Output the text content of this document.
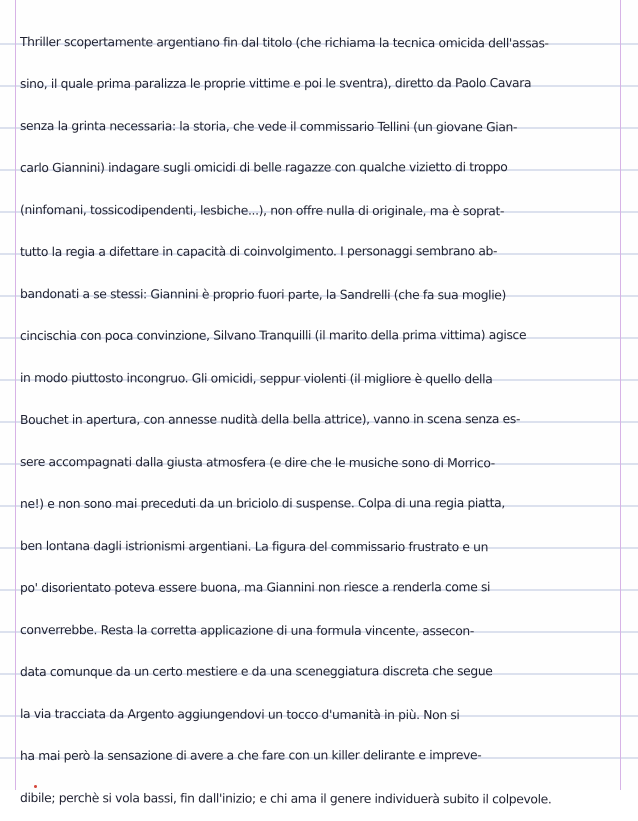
Thriller scopertamente argentiano fin dal titolo (che richiama la tecnica omicida dell'assas-
sino, il quale prima paralizza le proprie vittime e poi le sventra), diretto da Paolo Cavara
senza la grinta necessaria: la storia, che vede il commissario Tellini (un giovane Gian-
carlo Giannini) indagare sugli omicidi di belle ragazze con qualche vizietto di troppo
(ninfomani, tossicodipendenti, lesbiche...), non offre nulla di originale, ma è soprat-
tutto la regia a difettare in capacità di coinvolgimento. I personaggi sembrano ab-
bandonati a se stessi: Giannini è proprio fuori parte, la Sandrelli (che fa sua moglie)
cincischia con poca convinzione, Silvano Tranquilli (il marito della prima vittima) agisce
in modo piuttosto incongruo. Gli omicidi, seppur violenti (il migliore è quello della
Bouchet in apertura, con annesse nudità della bella attrice), vanno in scena senza es-
sere accompagnati dalla giusta atmosfera (e dire che le musiche sono di Morrico-
ne!) e non sono mai preceduti da un briciolo di suspense. Colpa di una regia piatta,
ben lontana dagli istrionismi argentiani. La figura del commissario frustrato e un
po' disorientato poteva essere buona, ma Giannini non riesce a renderla come si
converrebbe. Resta la corretta applicazione di una formula vincente, assecon-
data comunque da un certo mestiere e da una sceneggiatura discreta che segue
la via tracciata da Argento aggiungendovi un tocco d'umanità in più. Non si
ha mai però la sensazione di avere a che fare con un killer delirante e impreve-
dibile; perchè si vola bassi, fin dall'inizio; e chi ama il genere individuerà subito il colpevole.
